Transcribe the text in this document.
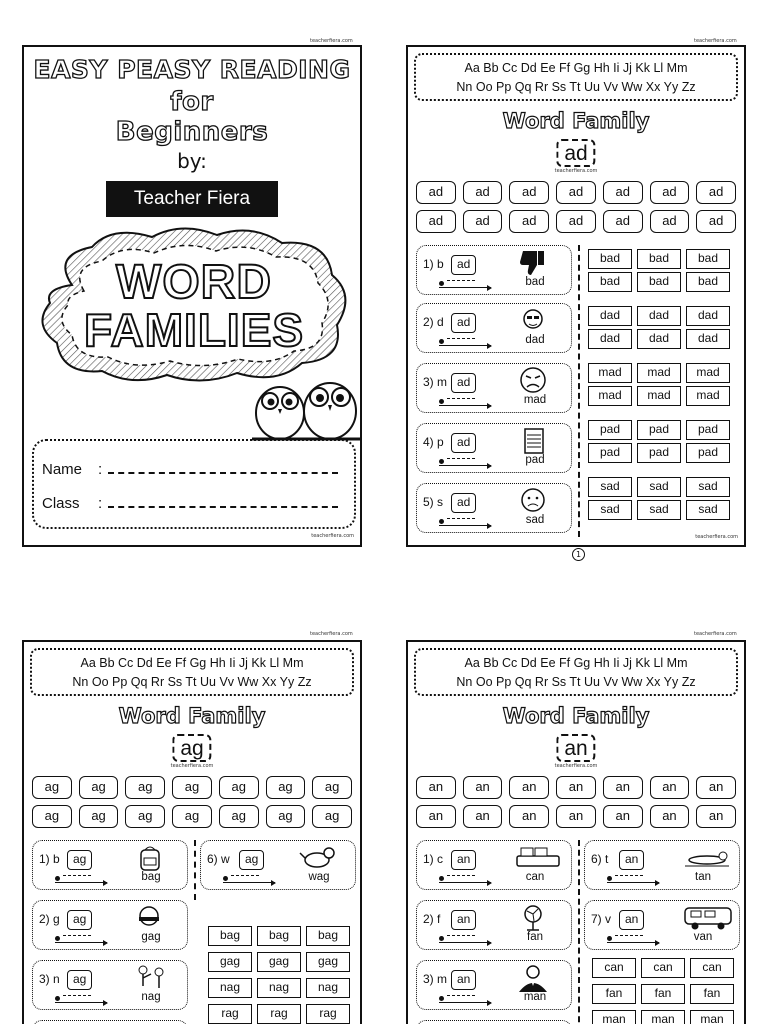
teacherfiera.com	teacherfiera.com
teacherfiera.com	teacherfiera.com
EASY PEASY READING
for
Beginners
by:
Teacher Fiera
WORD
FAMILIES
Name :
Class :
teacherfiera.com
Aa Bb Cc Dd Ee Ff Gg Hh Ii Jj Kk Ll Mm
Nn Oo Pp Qq Rr Ss Tt Uu Vv Ww Xx Yy Zz
Word Family
ad
teacherfiera.com
ad	ad	ad	ad	ad	ad	ad
ad	ad	ad	ad	ad	ad	ad
1) b	ad
bad
2) d	ad
dad
3) m ad
mad
4) p	ad
pad
5) s	ad
sad
bad	bad	bad
bad	bad	bad
dad	dad	dad
dad	dad	dad
mad	mad	mad
mad	mad	mad
pad	pad	pad
pad	pad	pad
sad	sad	sad
sad	sad	sad
teacherfiera.com
1
Aa Bb Cc Dd Ee Ff Gg Hh Ii Jj Kk Ll Mm
Nn Oo Pp Qq Rr Ss Tt Uu Vv Ww Xx Yy Zz
Word Family
ag
teacherfiera.com
ag	ag	ag	ag	ag	ag	ag
ag	ag	ag	ag	ag	ag	ag
1) b	ag
bag
2) g	ag
gag
3) n	ag
nag
6) w	ag
wag
bag	bag	bag
gag	gag	gag
nag	nag	nag
rag	rag	rag
Aa Bb Cc Dd Ee Ff Gg Hh Ii Jj Kk Ll Mm
Nn Oo Pp Qq Rr Ss Tt Uu Vv Ww Xx Yy Zz
Word Family
an
teacherfiera.com
an	an	an	an	an	an	an
an	an	an	an	an	an	an
1) c	an
can
2) f	an
fan
3) m an
man
6) t	an
tan
7) v	an
van
can	can	can
fan	fan	fan
man	man	man
